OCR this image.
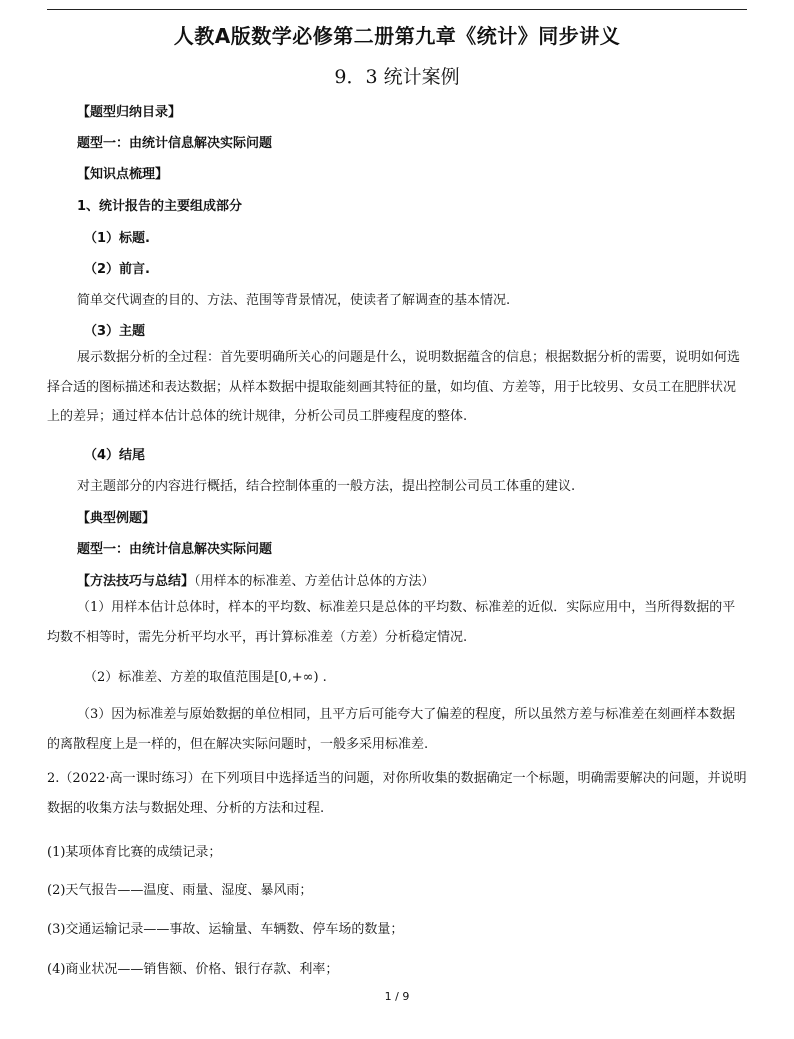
人教A版数学必修第二册第九章《统计》同步讲义
9．3 统计案例
【题型归纳目录】
题型一：由统计信息解决实际问题
【知识点梳理】
1、统计报告的主要组成部分
（1）标题.
（2）前言.
简单交代调查的目的、方法、范围等背景情况，使读者了解调查的基本情况.
（3）主题
展示数据分析的全过程：首先要明确所关心的问题是什么，说明数据蕴含的信息；根据数据分析的需要，说明如何选择合适的图标描述和表达数据；从样本数据中提取能刻画其特征的量，如均值、方差等，用于比较男、女员工在肥胖状况上的差异；通过样本估计总体的统计规律，分析公司员工胖瘦程度的整体.
（4）结尾
对主题部分的内容进行概括，结合控制体重的一般方法，提出控制公司员工体重的建议.
【典型例题】
题型一：由统计信息解决实际问题
【方法技巧与总结】（用样本的标准差、方差估计总体的方法）
（1）用样本估计总体时，样本的平均数、标准差只是总体的平均数、标准差的近似．实际应用中，当所得数据的平均数不相等时，需先分析平均水平，再计算标准差（方差）分析稳定情况.
（2）标准差、方差的取值范围是[0,+∞) .
（3）因为标准差与原始数据的单位相同，且平方后可能夸大了偏差的程度，所以虽然方差与标准差在刻画样本数据的离散程度上是一样的，但在解决实际问题时，一般多采用标准差.
2.（2022·高一课时练习）在下列项目中选择适当的问题，对你所收集的数据确定一个标题，明确需要解决的问题，并说明数据的收集方法与数据处理、分析的方法和过程.
(1)某项体育比赛的成绩记录；
(2)天气报告——温度、雨量、湿度、暴风雨；
(3)交通运输记录——事故、运输量、车辆数、停车场的数量；
(4)商业状况——销售额、价格、银行存款、利率；
1 / 9
